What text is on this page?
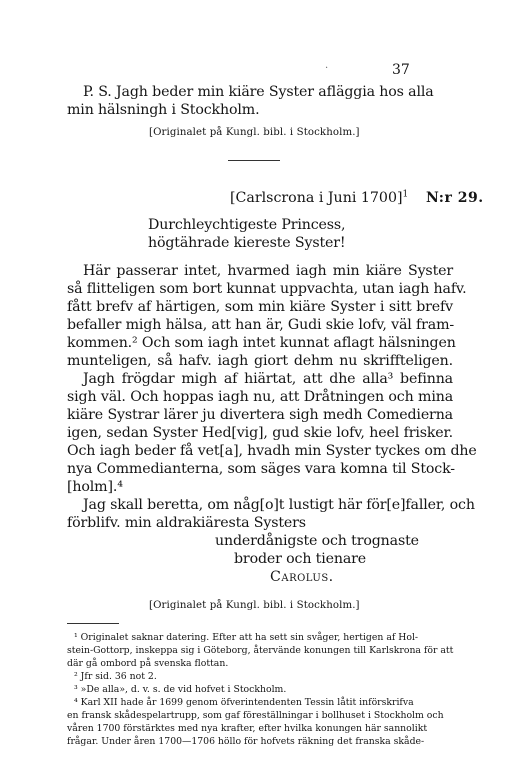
.	37
P. S. Jagh beder min kiäre Syster afläggia hos alla
min hälsningh i Stockholm.
[Originalet på Kungl. bibl. i Stockholm.]
[Carlscrona i Juni 1700]$^1$ N:r 29.
Durchleychtigeste Princess,
högtährade kiereste Syster!
Här passerar intet, hvarmed iagh min kiäre Syster
så flitteligen som bort kunnat uppvachta, utan iagh hafv.
fått brefv af härtigen, som min kiäre Syster i sitt brefv
befaller migh hälsa, att han är, Gudi skie lofv, väl fram-
kommen.² Och som iagh intet kunnat aflagt hälsningen
munteligen, så hafv. iagh giort dehm nu skriffteligen.
Jagh frögdar migh af hiärtat, att dhe alla³ befinna
sigh väl. Och hoppas iagh nu, att Dråtningen och mina
kiäre Systrar lärer ju divertera sigh medh Comedierna
igen, sedan Syster Hed[vig], gud skie lofv, heel frisker.
Och iagh beder få vet[a], hvadh min Syster tyckes om dhe
nya Commedianterna, som säges vara komna til Stock-
[holm].⁴
Jag skall beretta, om någ[o]t lustigt här för[e]faller, och
förblifv. min aldrakiäresta Systers
underdånigste och trognaste
broder och tienare
Carolus.
[Originalet på Kungl. bibl. i Stockholm.]
¹ Originalet saknar datering. Efter att ha sett sin svåger, hertigen af Hol-
stein-Gottorp, inskeppa sig i Göteborg, återvände konungen till Karlskrona för att
där gå ombord på svenska flottan.
² Jfr sid. 36 not 2.
³ »De alla», d. v. s. de vid hofvet i Stockholm.
⁴ Karl XII hade år 1699 genom öfverintendenten Tessin låtit införskrifva
en fransk skådespelartrupp, som gaf föreställningar i bollhuset i Stockholm och
våren 1700 förstärktes med nya krafter, efter hvilka konungen här sannolikt
frågar. Under åren 1700—1706 höllo för hofvets räkning det franska skåde-
